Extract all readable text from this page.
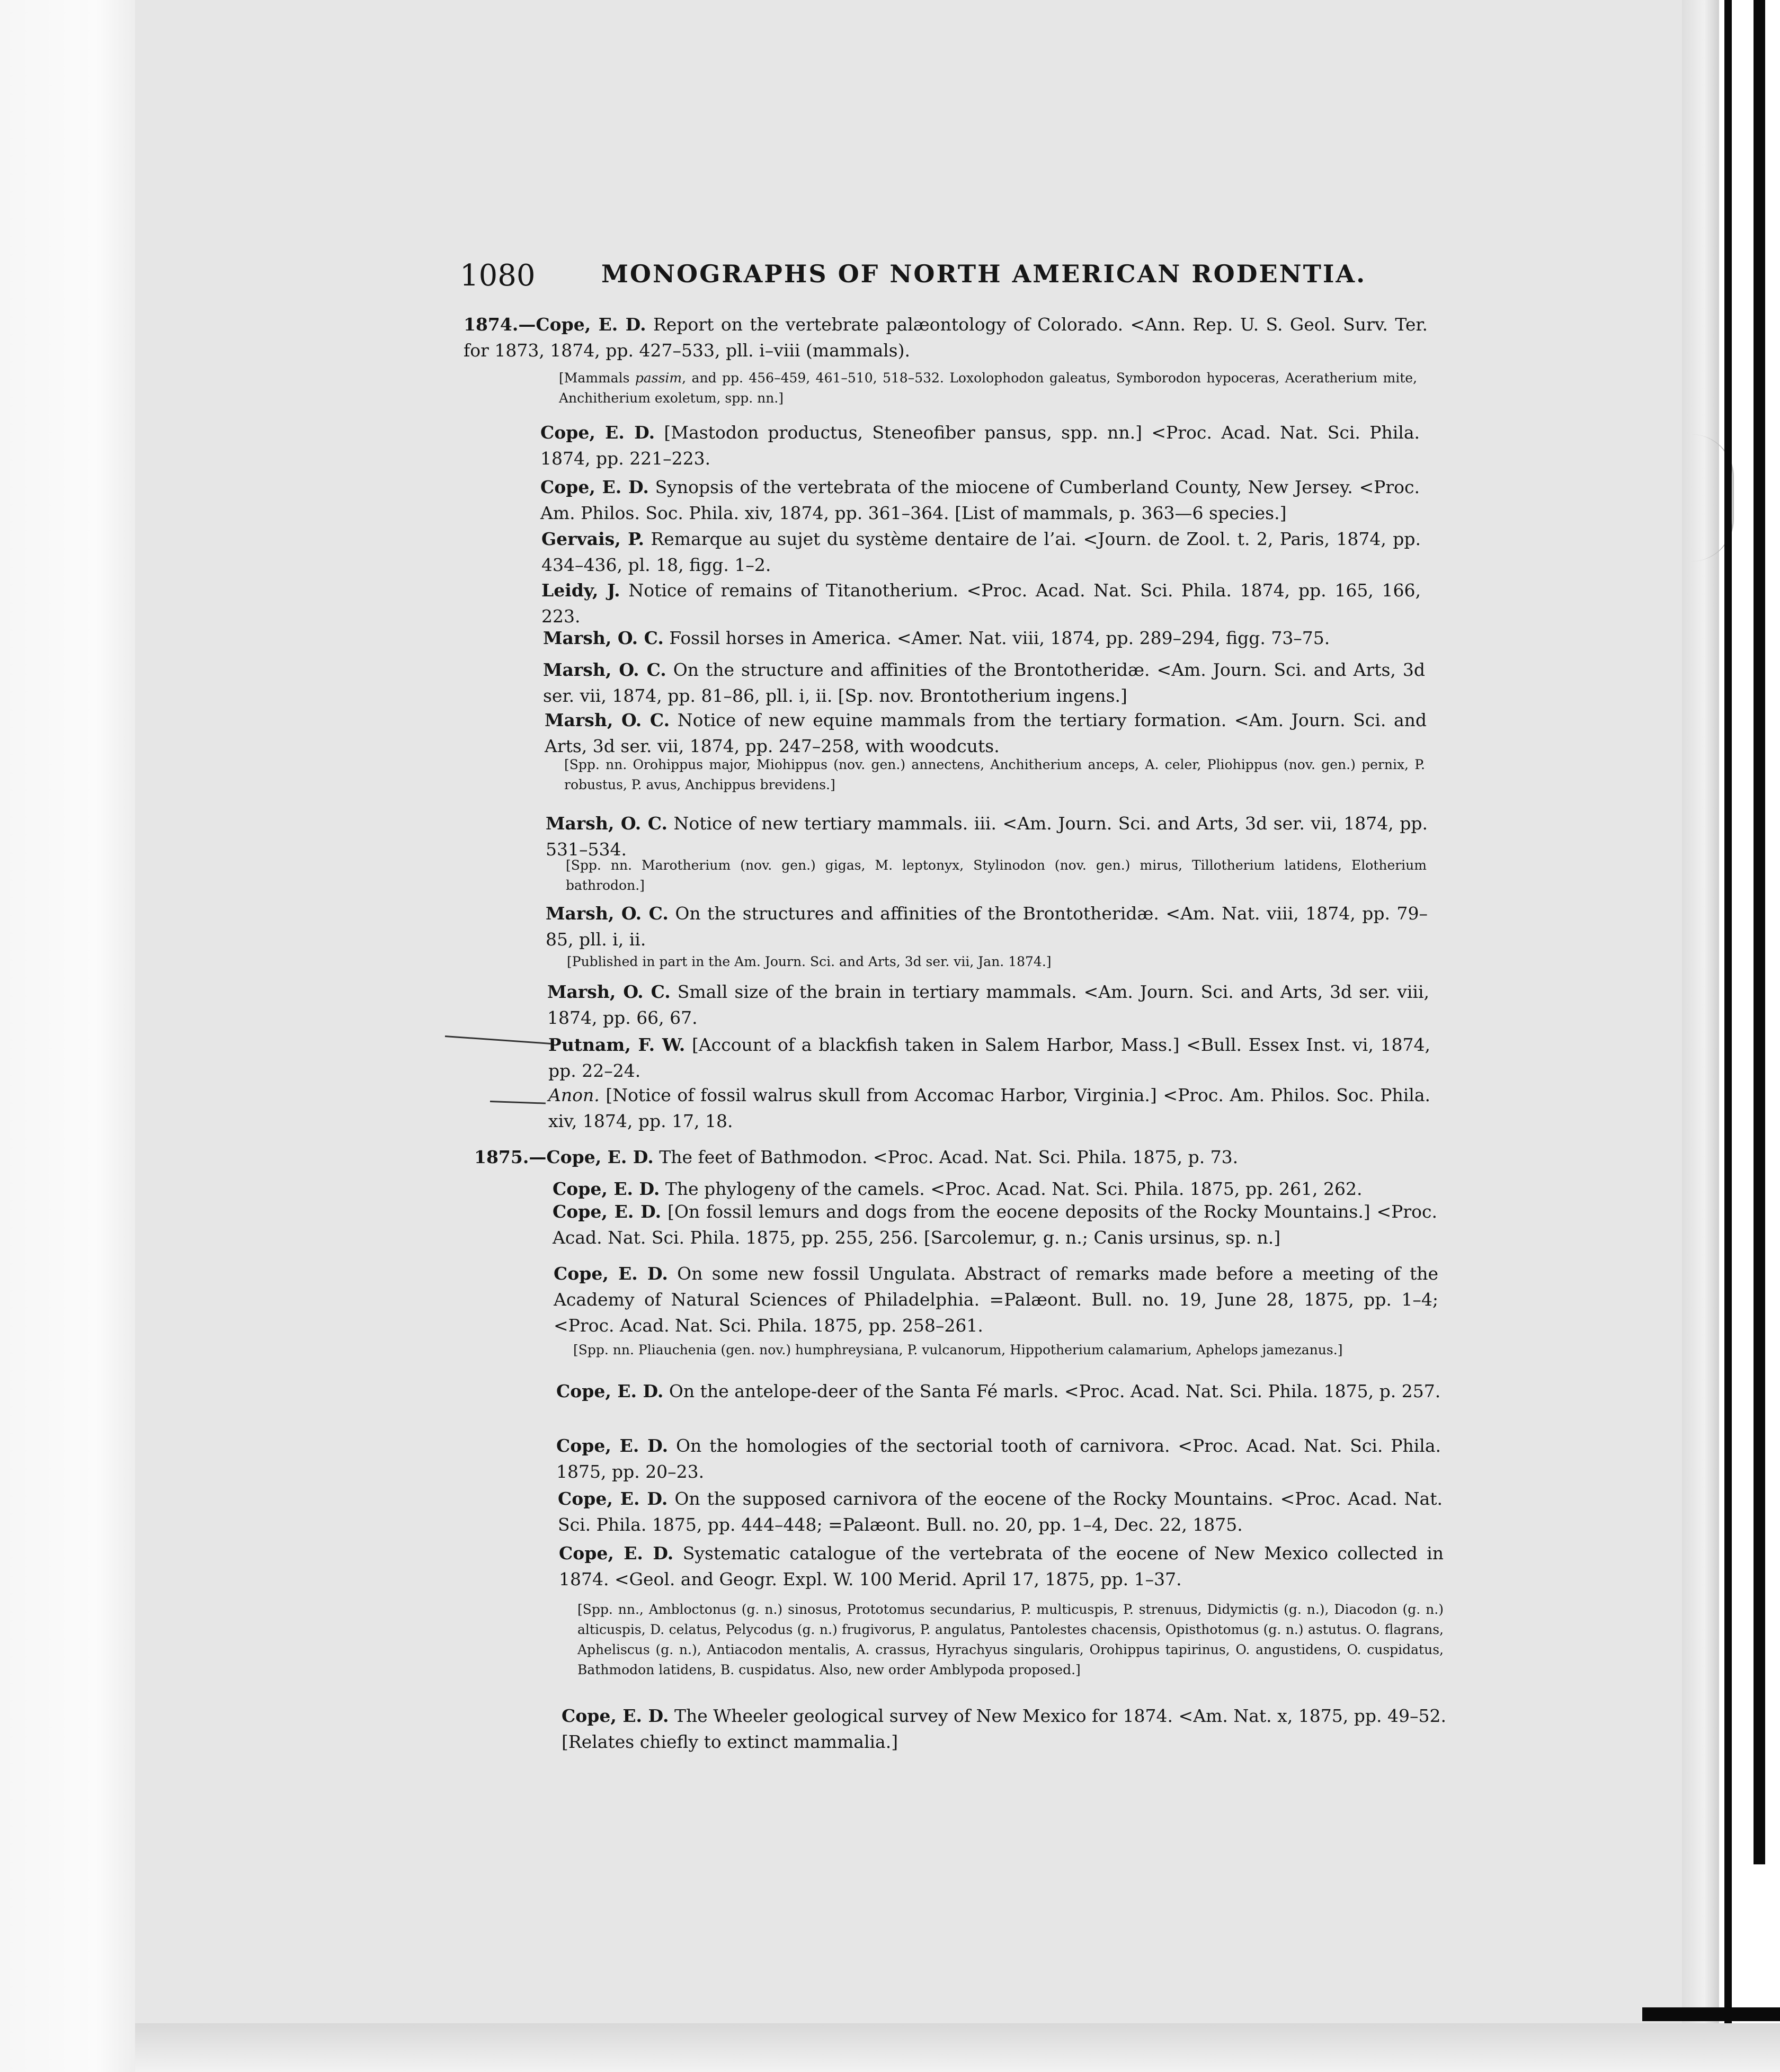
1080	MONOGRAPHS OF NORTH AMERICAN RODENTIA.
1874.—Cope, E. D. Report on the vertebrate palæontology of Colorado. <Ann. Rep. U. S. Geol. Surv. Ter. for 1873, 1874, pp. 427–533, pll. i–viii (mammals).
[Mammals passim, and pp. 456–459, 461–510, 518–532. Loxolophodon galeatus, Symborodon hypoceras, Aceratherium mite, Anchitherium exoletum, spp. nn.]
Cope, E. D. [Mastodon productus, Steneofiber pansus, spp. nn.] <Proc. Acad. Nat. Sci. Phila. 1874, pp. 221–223.
Cope, E. D. Synopsis of the vertebrata of the miocene of Cumberland County, New Jersey. <Proc. Am. Philos. Soc. Phila. xiv, 1874, pp. 361–364. [List of mammals, p. 363—6 species.]
Gervais, P. Remarque au sujet du système dentaire de l’ai. <Journ. de Zool. t. 2, Paris, 1874, pp. 434–436, pl. 18, figg. 1–2.
Leidy, J. Notice of remains of Titanotherium. <Proc. Acad. Nat. Sci. Phila. 1874, pp. 165, 166, 223.
Marsh, O. C. Fossil horses in America. <Amer. Nat. viii, 1874, pp. 289–294, figg. 73–75.
Marsh, O. C. On the structure and affinities of the Brontotheridæ. <Am. Journ. Sci. and Arts, 3d ser. vii, 1874, pp. 81–86, pll. i, ii. [Sp. nov. Brontotherium ingens.]
Marsh, O. C. Notice of new equine mammals from the tertiary formation. <Am. Journ. Sci. and Arts, 3d ser. vii, 1874, pp. 247–258, with woodcuts.
[Spp. nn. Orohippus major, Miohippus (nov. gen.) annectens, Anchitherium anceps, A. celer, Pliohippus (nov. gen.) pernix, P. robustus, P. avus, Anchippus brevidens.]
Marsh, O. C. Notice of new tertiary mammals. iii. <Am. Journ. Sci. and Arts, 3d ser. vii, 1874, pp. 531–534.
[Spp. nn. Marotherium (nov. gen.) gigas, M. leptonyx, Stylinodon (nov. gen.) mirus, Tillotherium latidens, Elotherium bathrodon.]
Marsh, O. C. On the structures and affinities of the Brontotheridæ. <Am. Nat. viii, 1874, pp. 79–85, pll. i, ii.
[Published in part in the Am. Journ. Sci. and Arts, 3d ser. vii, Jan. 1874.]
Marsh, O. C. Small size of the brain in tertiary mammals. <Am. Journ. Sci. and Arts, 3d ser. viii, 1874, pp. 66, 67.
Putnam, F. W. [Account of a blackfish taken in Salem Harbor, Mass.] <Bull. Essex Inst. vi, 1874, pp. 22–24.
Anon. [Notice of fossil walrus skull from Accomac Harbor, Virginia.] <Proc. Am. Philos. Soc. Phila. xiv, 1874, pp. 17, 18.
1875.—Cope, E. D. The feet of Bathmodon. <Proc. Acad. Nat. Sci. Phila. 1875, p. 73.
Cope, E. D. The phylogeny of the camels. <Proc. Acad. Nat. Sci. Phila. 1875, pp. 261, 262.
Cope, E. D. [On fossil lemurs and dogs from the eocene deposits of the Rocky Mountains.] <Proc. Acad. Nat. Sci. Phila. 1875, pp. 255, 256. [Sarcolemur, g. n.; Canis ursinus, sp. n.]
Cope, E. D. On some new fossil Ungulata. Abstract of remarks made before a meeting of the Academy of Natural Sciences of Philadelphia. =Palæont. Bull. no. 19, June 28, 1875, pp. 1–4; <Proc. Acad. Nat. Sci. Phila. 1875, pp. 258–261.
[Spp. nn. Pliauchenia (gen. nov.) humphreysiana, P. vulcanorum, Hippotherium calamarium, Aphelops jamezanus.]
Cope, E. D. On the antelope-deer of the Santa Fé marls. <Proc. Acad. Nat. Sci. Phila. 1875, p. 257.
Cope, E. D. On the homologies of the sectorial tooth of carnivora. <Proc. Acad. Nat. Sci. Phila. 1875, pp. 20–23.
Cope, E. D. On the supposed carnivora of the eocene of the Rocky Mountains. <Proc. Acad. Nat. Sci. Phila. 1875, pp. 444–448; =Palæont. Bull. no. 20, pp. 1–4, Dec. 22, 1875.
Cope, E. D. Systematic catalogue of the vertebrata of the eocene of New Mexico collected in 1874. <Geol. and Geogr. Expl. W. 100 Merid. April 17, 1875, pp. 1–37.
[Spp. nn., Ambloctonus (g. n.) sinosus, Prototomus secundarius, P. multicuspis, P. strenuus, Didymictis (g. n.), Diacodon (g. n.) alticuspis, D. celatus, Pelycodus (g. n.) frugivorus, P. angulatus, Pantolestes chacensis, Opisthotomus (g. n.) astutus. O. flagrans, Apheliscus (g. n.), Antiacodon mentalis, A. crassus, Hyrachyus singularis, Orohippus tapirinus, O. angustidens, O. cuspidatus, Bathmodon latidens, B. cuspidatus. Also, new order Amblypoda proposed.]
Cope, E. D. The Wheeler geological survey of New Mexico for 1874. <Am. Nat. x, 1875, pp. 49–52. [Relates chiefly to extinct mammalia.]
